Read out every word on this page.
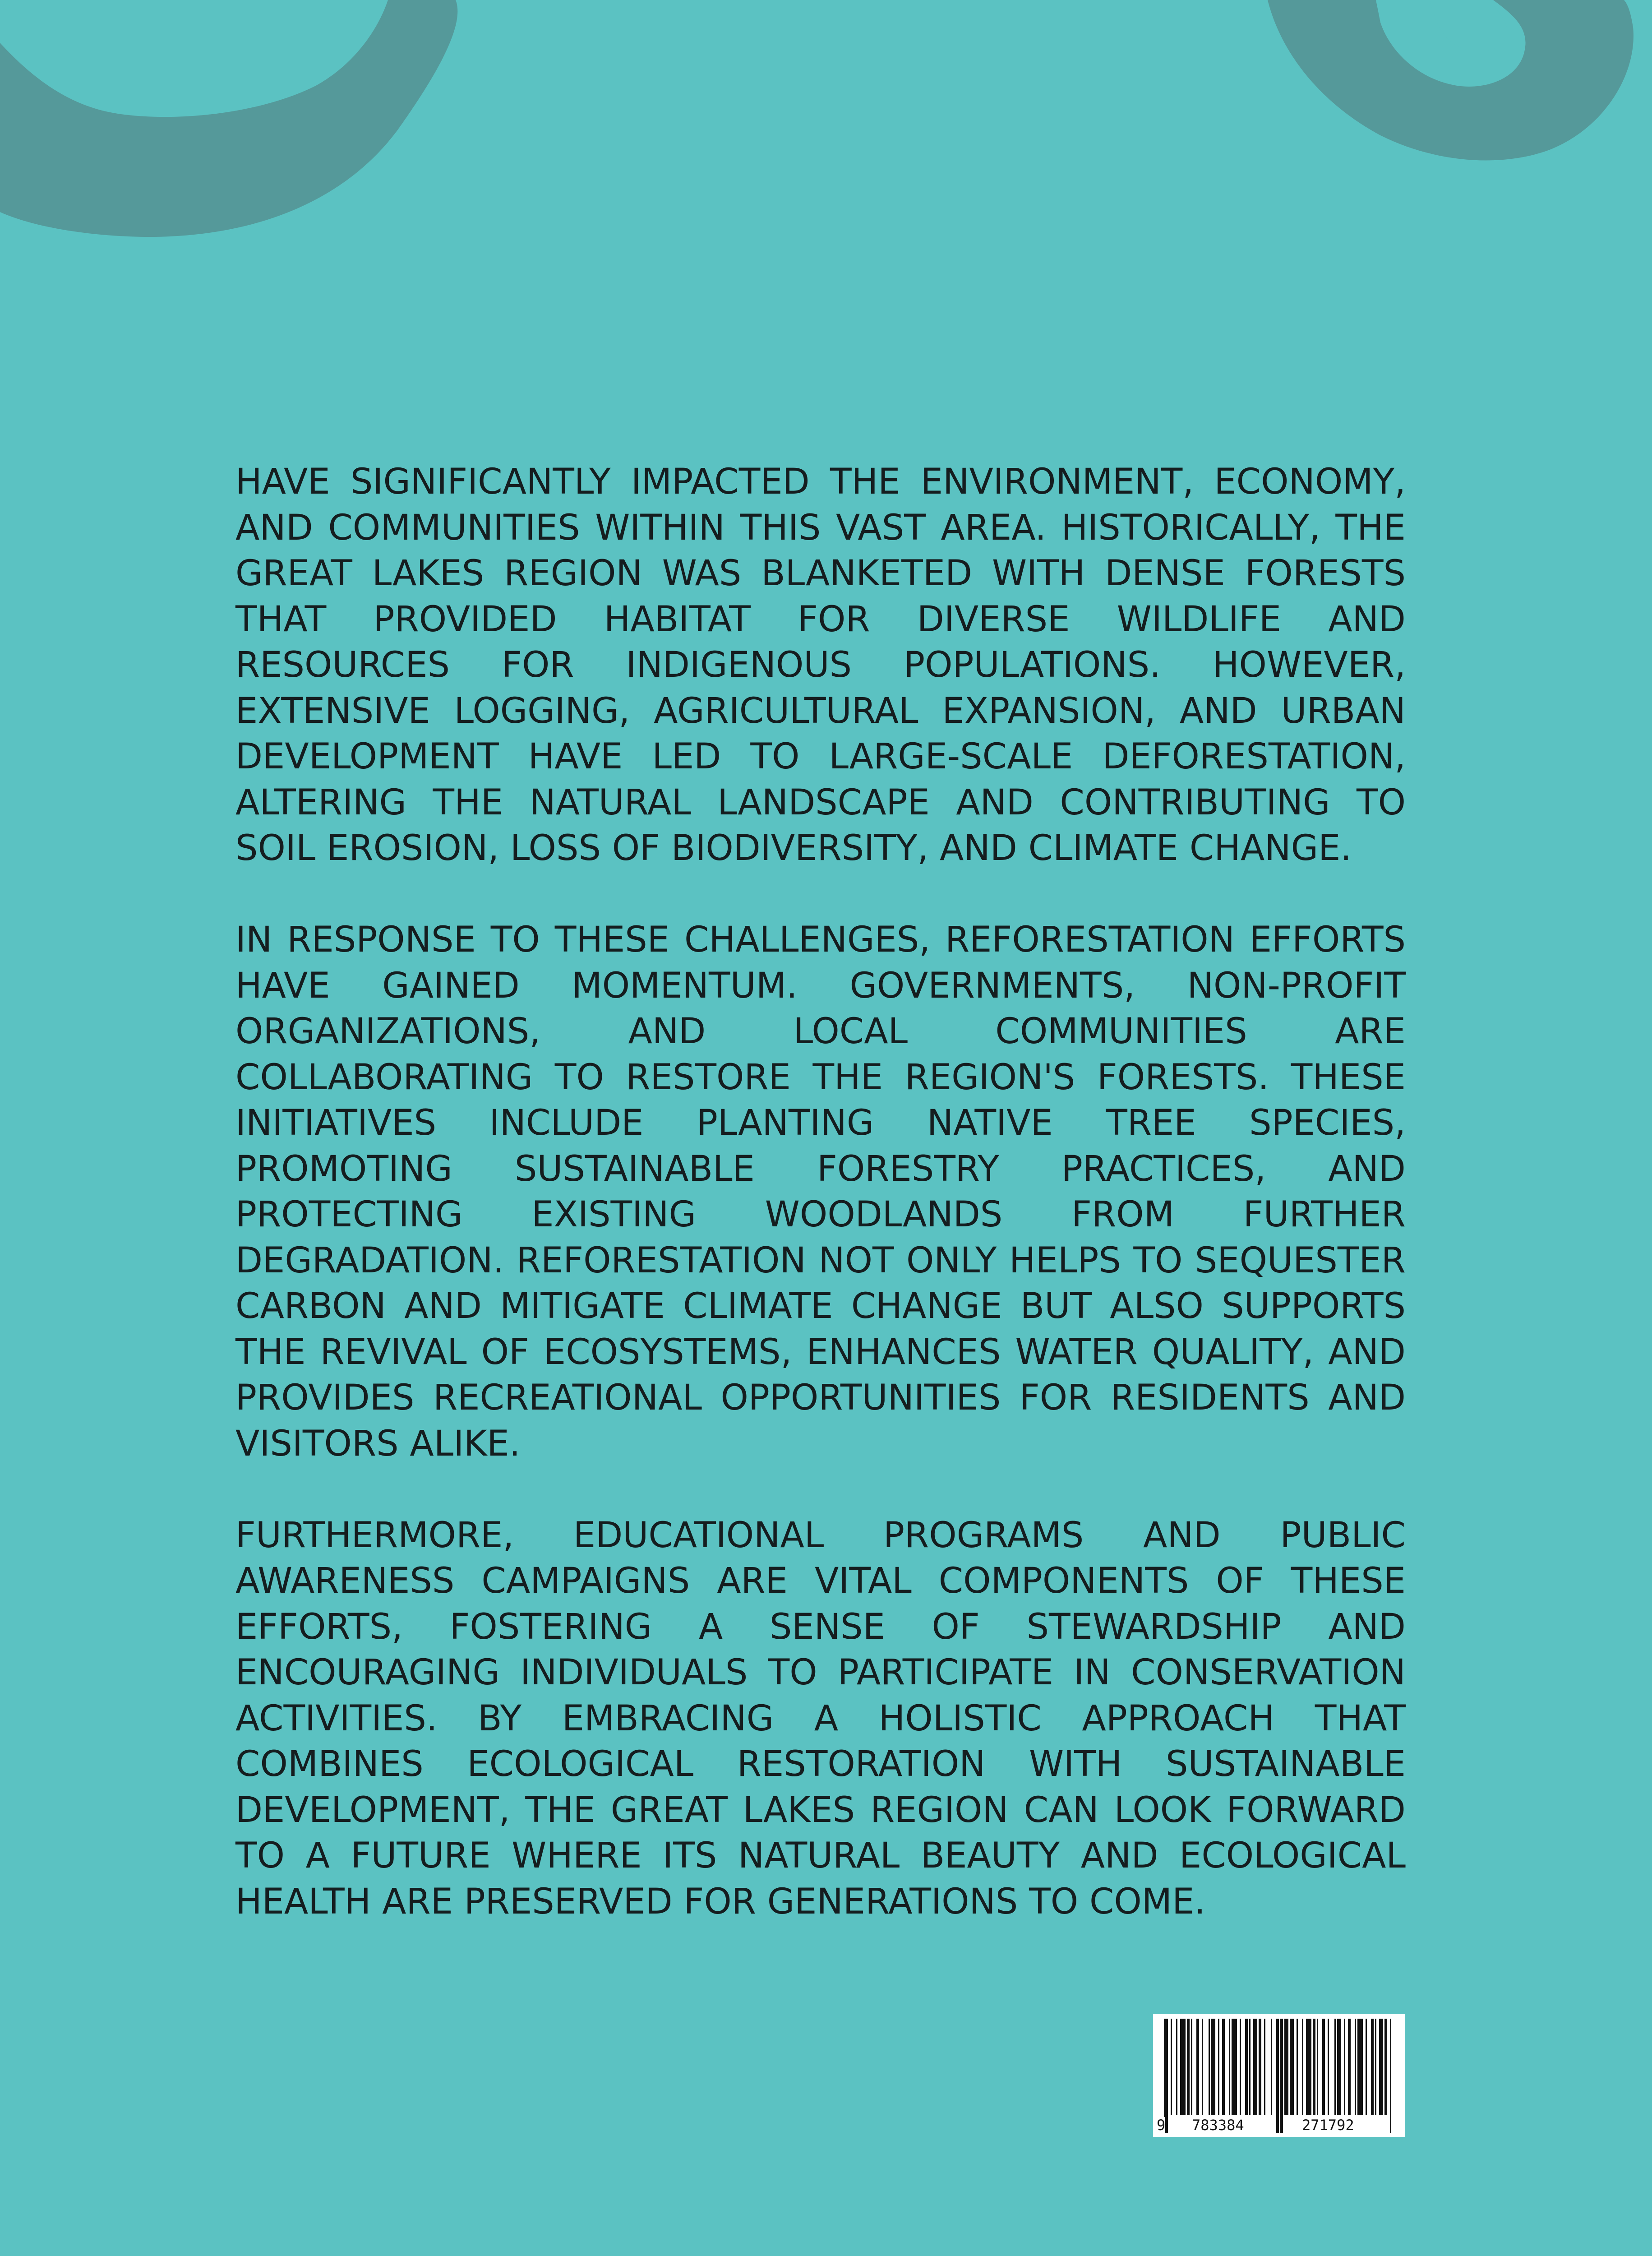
HAVE SIGNIFICANTLY IMPACTED THE ENVIRONMENT, ECONOMY, AND COMMUNITIES WITHIN THIS VAST AREA. HISTORICALLY, THE GREAT LAKES REGION WAS BLANKETED WITH DENSE FORESTS THAT PROVIDED HABITAT FOR DIVERSE WILDLIFE AND RESOURCES FOR INDIGENOUS POPULATIONS. HOWEVER, EXTENSIVE LOGGING, AGRICULTURAL EXPANSION, AND URBAN DEVELOPMENT HAVE LED TO LARGE-SCALE DEFORESTATION, ALTERING THE NATURAL LANDSCAPE AND CONTRIBUTING TO SOIL EROSION, LOSS OF BIODIVERSITY, AND CLIMATE CHANGE.

IN RESPONSE TO THESE CHALLENGES, REFORESTATION EFFORTS HAVE GAINED MOMENTUM. GOVERNMENTS, NON-PROFIT ORGANIZATIONS, AND LOCAL COMMUNITIES ARE COLLABORATING TO RESTORE THE REGION'S FORESTS. THESE INITIATIVES INCLUDE PLANTING NATIVE TREE SPECIES, PROMOTING SUSTAINABLE FORESTRY PRACTICES, AND PROTECTING EXISTING WOODLANDS FROM FURTHER DEGRADATION. REFORESTATION NOT ONLY HELPS TO SEQUESTER CARBON AND MITIGATE CLIMATE CHANGE BUT ALSO SUPPORTS THE REVIVAL OF ECOSYSTEMS, ENHANCES WATER QUALITY, AND PROVIDES RECREATIONAL OPPORTUNITIES FOR RESIDENTS AND VISITORS ALIKE.

FURTHERMORE, EDUCATIONAL PROGRAMS AND PUBLIC AWARENESS CAMPAIGNS ARE VITAL COMPONENTS OF THESE EFFORTS, FOSTERING A SENSE OF STEWARDSHIP AND ENCOURAGING INDIVIDUALS TO PARTICIPATE IN CONSERVATION ACTIVITIES. BY EMBRACING A HOLISTIC APPROACH THAT COMBINES ECOLOGICAL RESTORATION WITH SUSTAINABLE DEVELOPMENT, THE GREAT LAKES REGION CAN LOOK FORWARD TO A FUTURE WHERE ITS NATURAL BEAUTY AND ECOLOGICAL HEALTH ARE PRESERVED FOR GENERATIONS TO COME.

9 783384	271792
